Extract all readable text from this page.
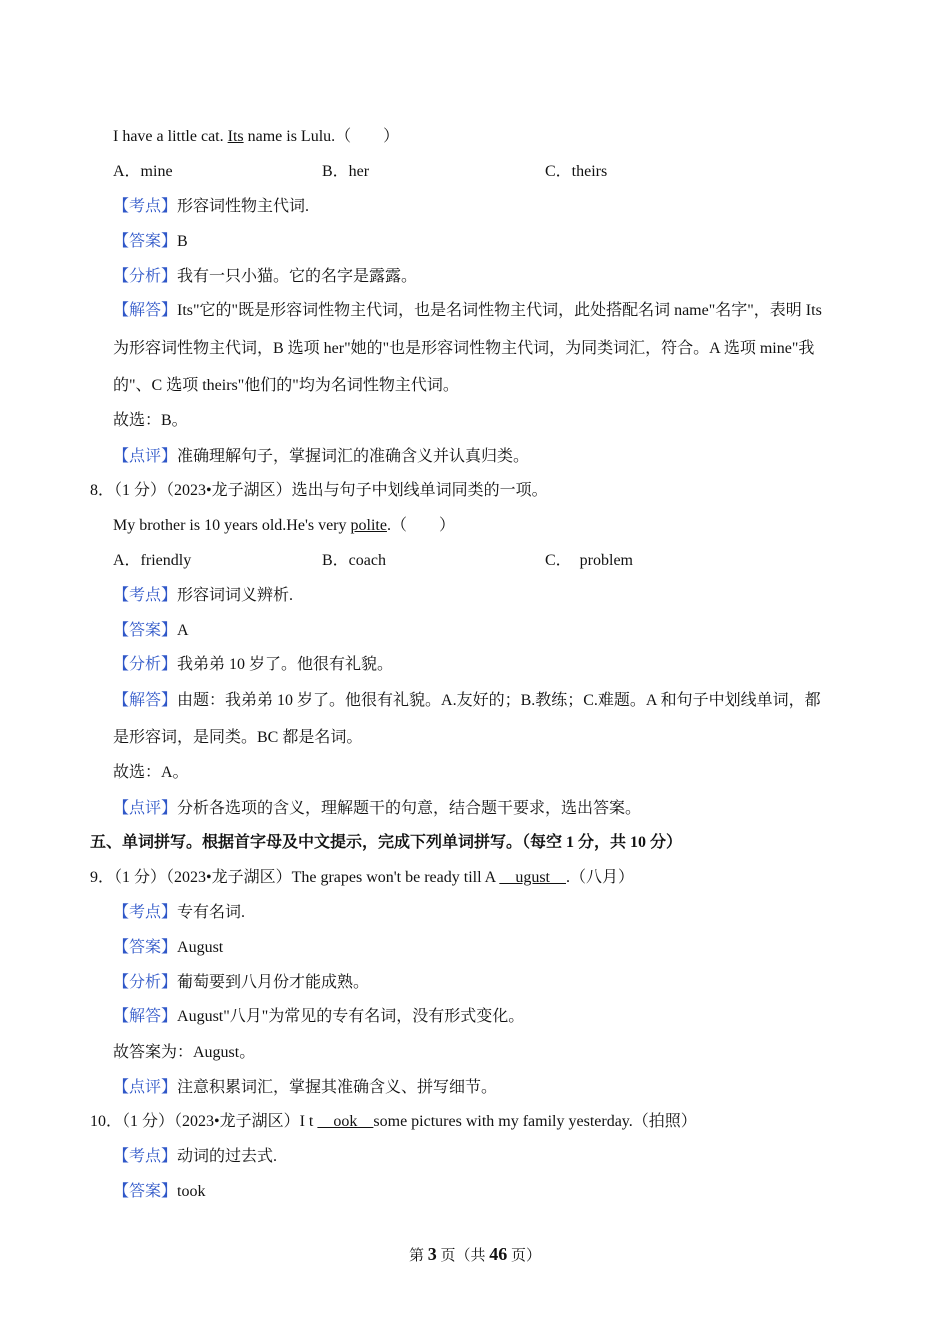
I have a little cat. Its name is Lulu.（　　）
A．mine	B．her	C．theirs
【考点】形容词性物主代词.
【答案】B
【分析】我有一只小猫。它的名字是露露。
【解答】Its"它的"既是形容词性物主代词，也是名词性物主代词，此处搭配名词 name"名字"，表明 Its
为形容词性物主代词，B 选项 her"她的"也是形容词性物主代词，为同类词汇，符合。A 选项 mine"我
的"、C 选项 theirs"他们的"均为名词性物主代词。
故选：B。
【点评】准确理解句子，掌握词汇的准确含义并认真归类。
8．（1 分）（2023•龙子湖区）选出与句子中划线单词同类的一项。
My brother is 10 years old.He's very polite.（　　）
A．friendly	B．coach	C．　problem
【考点】形容词词义辨析.
【答案】A
【分析】我弟弟 10 岁了。他很有礼貌。
【解答】由题：我弟弟 10 岁了。他很有礼貌。A.友好的；B.教练；C.难题。A 和句子中划线单词，都
是形容词，是同类。BC 都是名词。
故选：A。
【点评】分析各选项的含义，理解题干的句意，结合题干要求，选出答案。
五、单词拼写。根据首字母及中文提示，完成下列单词拼写。（每空 1 分，共 10 分）
9．（1 分）（2023•龙子湖区）The grapes won't be ready till A 　ugust　.（八月）
【考点】专有名词.
【答案】August
【分析】葡萄要到八月份才能成熟。
【解答】August"八月"为常见的专有名词，没有形式变化。
故答案为：August。
【点评】注意积累词汇，掌握其准确含义、拼写细节。
10．（1 分）（2023•龙子湖区）I t 　ook　some pictures with my family yesterday.（拍照）
【考点】动词的过去式.
【答案】took
第 3 页（共 46 页）
